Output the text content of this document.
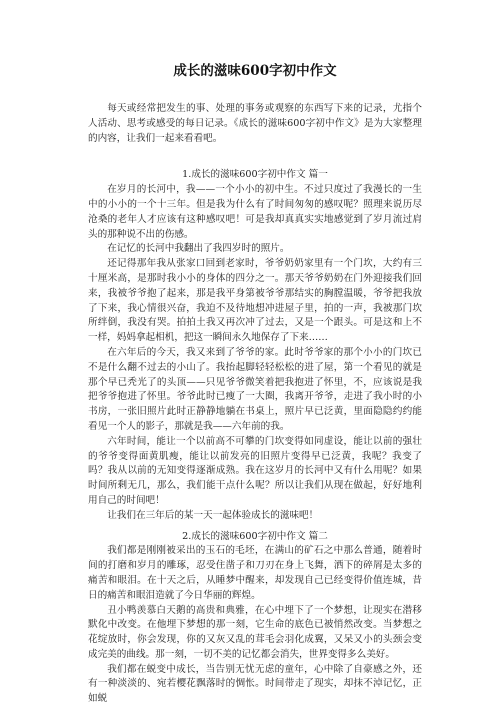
成长的滋味600字初中作文

每天或经常把发生的事、处理的事务或观察的东西写下来的记录，尤指个人活动、思考或感受的每日记录。《成长的滋味600字初中作文》是为大家整理的内容，让我们一起来看看吧。

1.成长的滋味600字初中作文 篇一

在岁月的长河中，我——一个小小的初中生。不过只度过了我漫长的一生中的小小的一个十三年。但是我为什么有了时间匆匆的感叹呢？照理来说历尽沧桑的老年人才应该有这种感叹吧！可是我却真真实实地感觉到了岁月流过肩头的那种说不出的伤感。

在记忆的长河中我翻出了我四岁时的照片。

还记得那年我从张家口回到老家时，爷爷奶奶家里有一个门坎，大约有三十厘米高，是那时我小小的身体的四分之一。那天爷爷奶奶在门外迎接我们回来，我被爷爷抱了起来，那是我平身第被爷爷那结实的胸膛温暖，爷爷把我放了下来，我心情很兴奋，我迫不及待地想冲进屋子里，拍的一声，我被那门坎所绊倒，我没有哭。拍拍土我又再次冲了过去，又是一个跟头。可是这和上不一样，妈妈拿起相机，把这一瞬间永久地保存了下来……

在六年后的今天，我又来到了爷爷的家。此时爷爷家的那个小小的门坎已不是什么翻不过去的小山了。我抬起脚轻轻松松的进了屋，第一个看见的就是那个早已秃光了的头顶——只见爷爷微笑着把我抱进了怀里，不，应该说是我把爷爷抱进了怀里。爷爷此时已瘦了一大圈，我离开爷爷，走进了我小时的小书房，一张旧照片此时正静静地躺在书桌上，照片早已泛黄，里面隐隐约约能看见一个人的影子，那就是我——六年前的我。

六年时间，能让一个以前高不可攀的门坎变得如同虚设，能让以前的强壮的爷爷变得面黄肌瘦，能让以前发亮的旧照片变得早已泛黄，我呢？我变了吗？我从以前的无知变得逐渐成熟。我在这岁月的长河中又有什么用呢？如果时间所剩无几，那么，我们能干点什么呢？所以让我们从现在做起，好好地利用自己的时间吧！

让我们在三年后的某一天一起体验成长的滋味吧！

2.成长的滋味600字初中作文 篇二

我们都是刚刚被采出的玉石的毛坯，在满山的矿石之中那么普通，随着时间的打磨和岁月的雕琢，忍受住凿子和刀刃在身上飞舞，洒下的碎屑是太多的痛苦和眼泪。在十天之后，从睡梦中醒来，却发现自己已经变得价值连城，昔日的痛苦和眼泪造就了今日华丽的辉煌。

丑小鸭羡慕白天鹅的高贵和典雅，在心中埋下了一个梦想，让现实在潜移默化中改变。在他埋下梦想的那一刻，它生命的底色已被悄然改变。当梦想之花绽放时，你会发现，你的又灰又乱的茸毛会羽化成翼，又呆又小的头颈会变成完美的曲线。那一刻，一切不美的记忆都会消失，世界变得多么美好。

我们都在蜕变中成长，当告别无忧无虑的童年，心中除了自豪感之外，还有一种淡淡的、宛若樱花飘落时的惆怅。时间带走了现实，却抹不淖记忆，正如蜕
